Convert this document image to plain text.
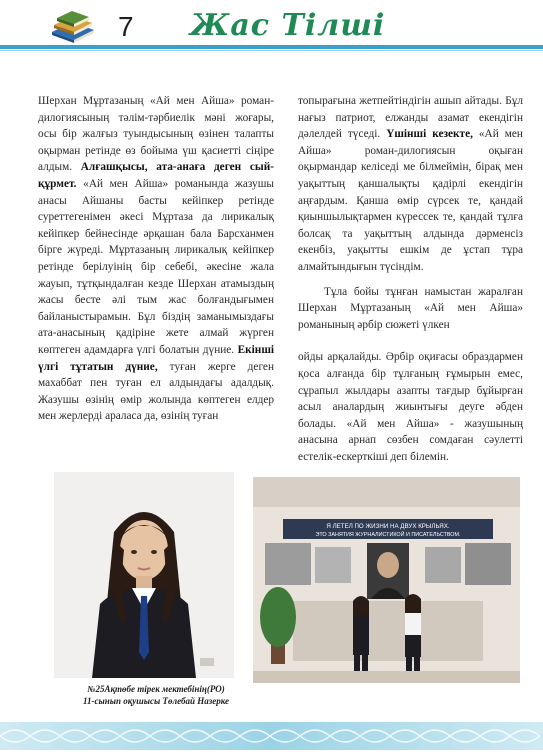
7 Жас Тілші

Шерхан Мұртазаның «Ай мен Айша» роман-дилогиясының тәлім-тәрбиелік мәні жоғары, осы бір жалғыз туындысының өзінен талапты оқырман ретінде өз бойыма үш қасиетті сіңіре алдым. Алғашқысы, ата-анаға деген сый-құрмет. «Ай мен Айша» романында жазушы анасы Айшаны басты кейіпкер ретінде суреттегенімен әкесі Мұртаза да лирикалық кейіпкер бейнесінде әрқашан бала Барсханмен бірге жүреді. Мұртазаның лирикалық кейіпкер ретінде берілуінің бір себебі, әкесіне жала жауып, тұтқындалған кезде Шерхан атамыздың жасы бесте әлі тым жас болғандығымен байланыстырамын. Бұл біздің заманымыздағы ата-анасының қадірінe жете алмай жүрген көптеген адамдарға үлгі болатын дүние. Екінші үлгі тұтатын дүние, туған жерге деген махаббат пен туған ел алдындағы адалдық. Жазушы өзінің өмір жолында көптеген елдер мен жерлерді араласа да, өзінің туған

топырағына жетпейтіндігін ашып айтады. Бұл нағыз патриот, елжанды азамат екендігін дәлелдей түседі. Үшінші кезекте, «Ай мен Айша» роман-дилогиясын оқыған оқырмандар келіседі ме білмеймін, бірақ мен уақыттың қаншалықты қадірлі екендігін аңғардым. Қанша өмір сүрсек те, қандай қиыншылықтармен күрессек те, қандай тұлға болсақ та уақыттың алдында дәрменсіз екенбіз, уақытты ешкім де ұстап тұра алмайтындығын түсіндім.

Тұла бойы тұнған намыстан жаралған Шерхан Мұртазаның «Ай мен Айша» романының әрбір сюжеті үлкен

ойды арқалайды. Әрбір оқиғасы образдармен қоса алғанда бір тұлғаның ғұмырын емес, сұрапыл жылдары азапты тағдыр бұйырған асыл аналардың жиынтығы деуге әбден болады. «Ай мен Айша» - жазушының анасына арнап сөзбен сомдаған сәулетті естелік-ескерткіші деп білемін.

Я ЛЕТЕЛ ПО ЖИЗНИ НА ДВУХ КРЫЛЬЯХ.
ЭТО ЗАНЯТИЯ ЖУРНАЛИСТИКОЙ И ПИСАТЕЛЬСТВОМ.
№25Ақтөбе тірек мектебінің(РО)
11-сынып оқушысы Төлебай Назерке
